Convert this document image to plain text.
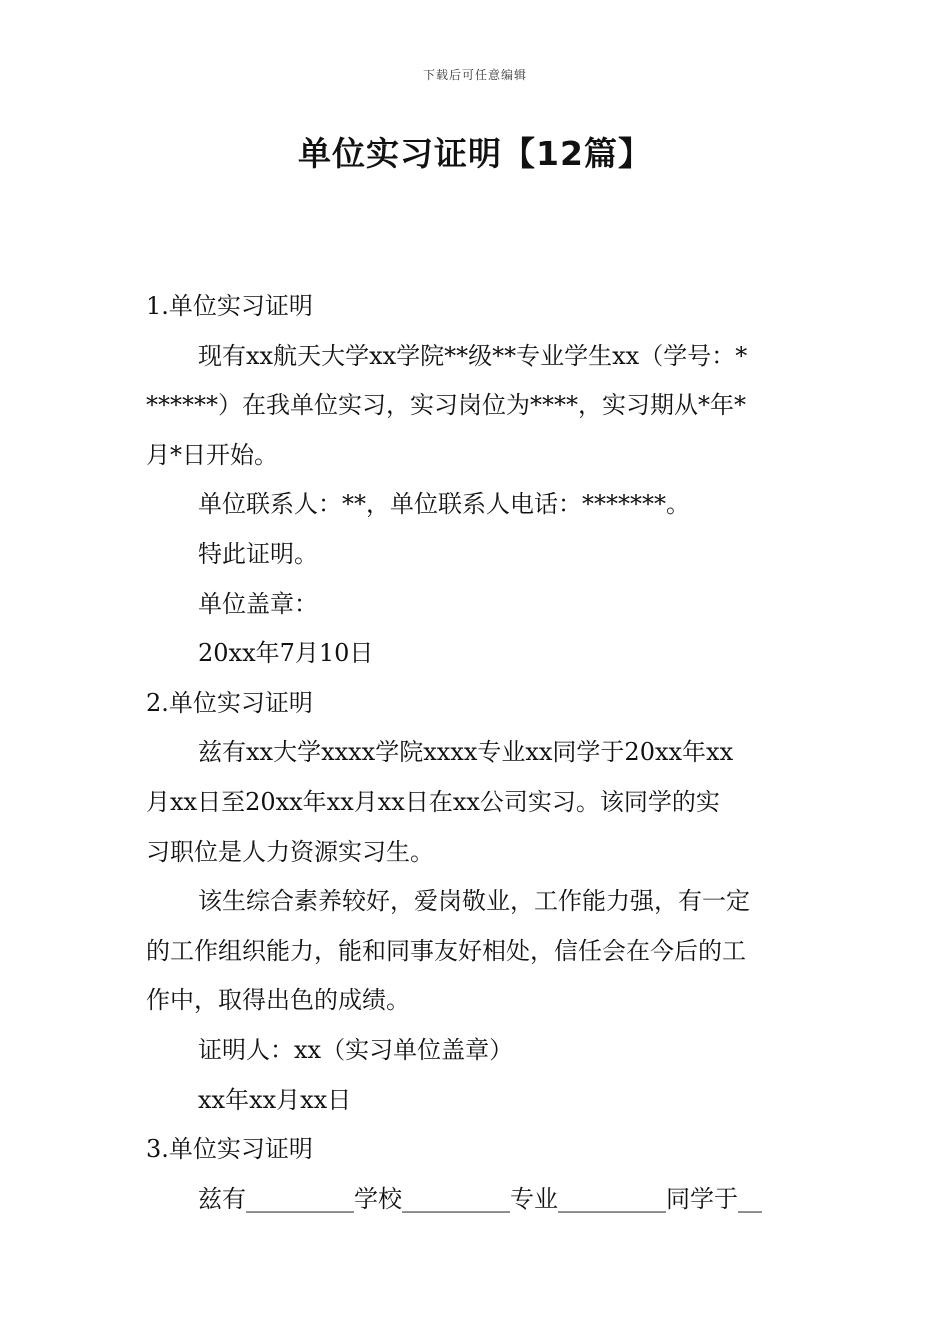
下载后可任意编辑
单位实习证明【12篇】
1.单位实习证明
现有xx航天大学xx学院**级**专业学生xx（学号：*
******）在我单位实习，实习岗位为****，实习期从*年*
月*日开始。
单位联系人：**，单位联系人电话：*******。
特此证明。
单位盖章：
20xx年7月10日
2.单位实习证明
兹有xx大学xxxx学院xxxx专业xx同学于20xx年xx
月xx日至20xx年xx月xx日在xx公司实习。该同学的实
习职位是人力资源实习生。
该生综合素养较好，爱岗敬业，工作能力强，有一定
的工作组织能力，能和同事友好相处，信任会在今后的工
作中，取得出色的成绩。
证明人：xx（实习单位盖章）
xx年xx月xx日
3.单位实习证明
兹有_________学校_________专业_________同学于__
